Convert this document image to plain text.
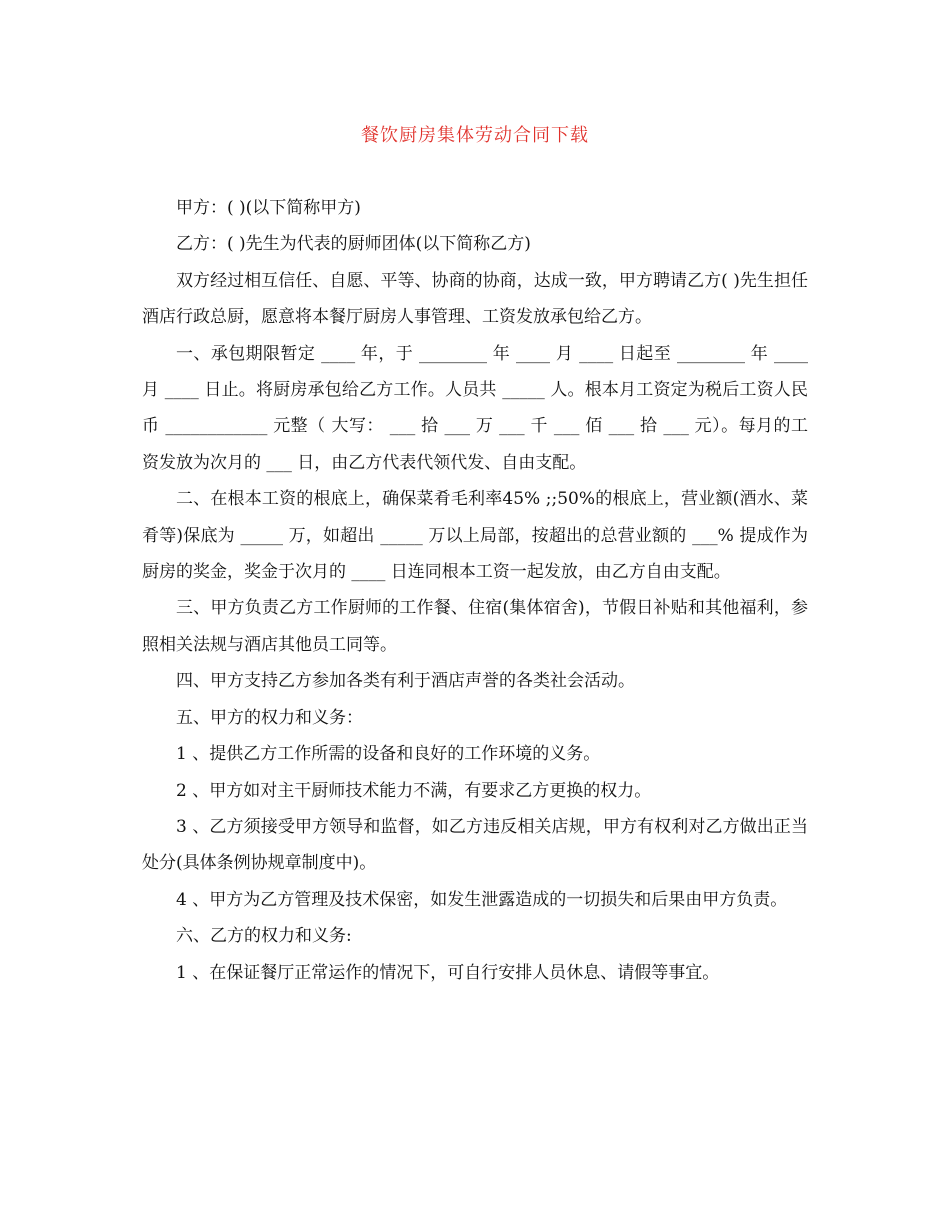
餐饮厨房集体劳动合同下载

甲方：( )(以下简称甲方)

乙方：( )先生为代表的厨师团体(以下简称乙方)

双方经过相互信任、自愿、平等、协商的协商，达成一致，甲方聘请乙方( )先生担任酒店行政总厨，愿意将本餐厅厨房人事管理、工资发放承包给乙方。

一、承包期限暂定 ____ 年，于 ________ 年 ____ 月 ____ 日起至 ________ 年 ____ 月 ____ 日止。将厨房承包给乙方工作。人员共 _____ 人。根本月工资定为税后工资人民币 ____________ 元整（ 大写： ___ 拾 ___ 万 ___ 千 ___ 佰 ___ 拾 ___ 元）。每月的工资发放为次月的 ___ 日，由乙方代表代领代发、自由支配。

二、在根本工资的根底上，确保菜肴毛利率45% ;;50%的根底上，营业额(酒水、菜肴等)保底为 _____ 万，如超出 _____ 万以上局部，按超出的总营业额的 ___% 提成作为厨房的奖金，奖金于次月的 ____ 日连同根本工资一起发放，由乙方自由支配。

三、甲方负责乙方工作厨师的工作餐、住宿(集体宿舍)，节假日补贴和其他福利，参照相关法规与酒店其他员工同等。

四、甲方支持乙方参加各类有利于酒店声誉的各类社会活动。

五、甲方的权力和义务：

1 、提供乙方工作所需的设备和良好的工作环境的义务。

2 、甲方如对主干厨师技术能力不满，有要求乙方更换的权力。

3 、乙方须接受甲方领导和监督，如乙方违反相关店规，甲方有权利对乙方做出正当处分(具体条例协规章制度中)。

4 、甲方为乙方管理及技术保密，如发生泄露造成的一切损失和后果由甲方负责。

六、乙方的权力和义务:

1 、在保证餐厅正常运作的情况下，可自行安排人员休息、请假等事宜。
